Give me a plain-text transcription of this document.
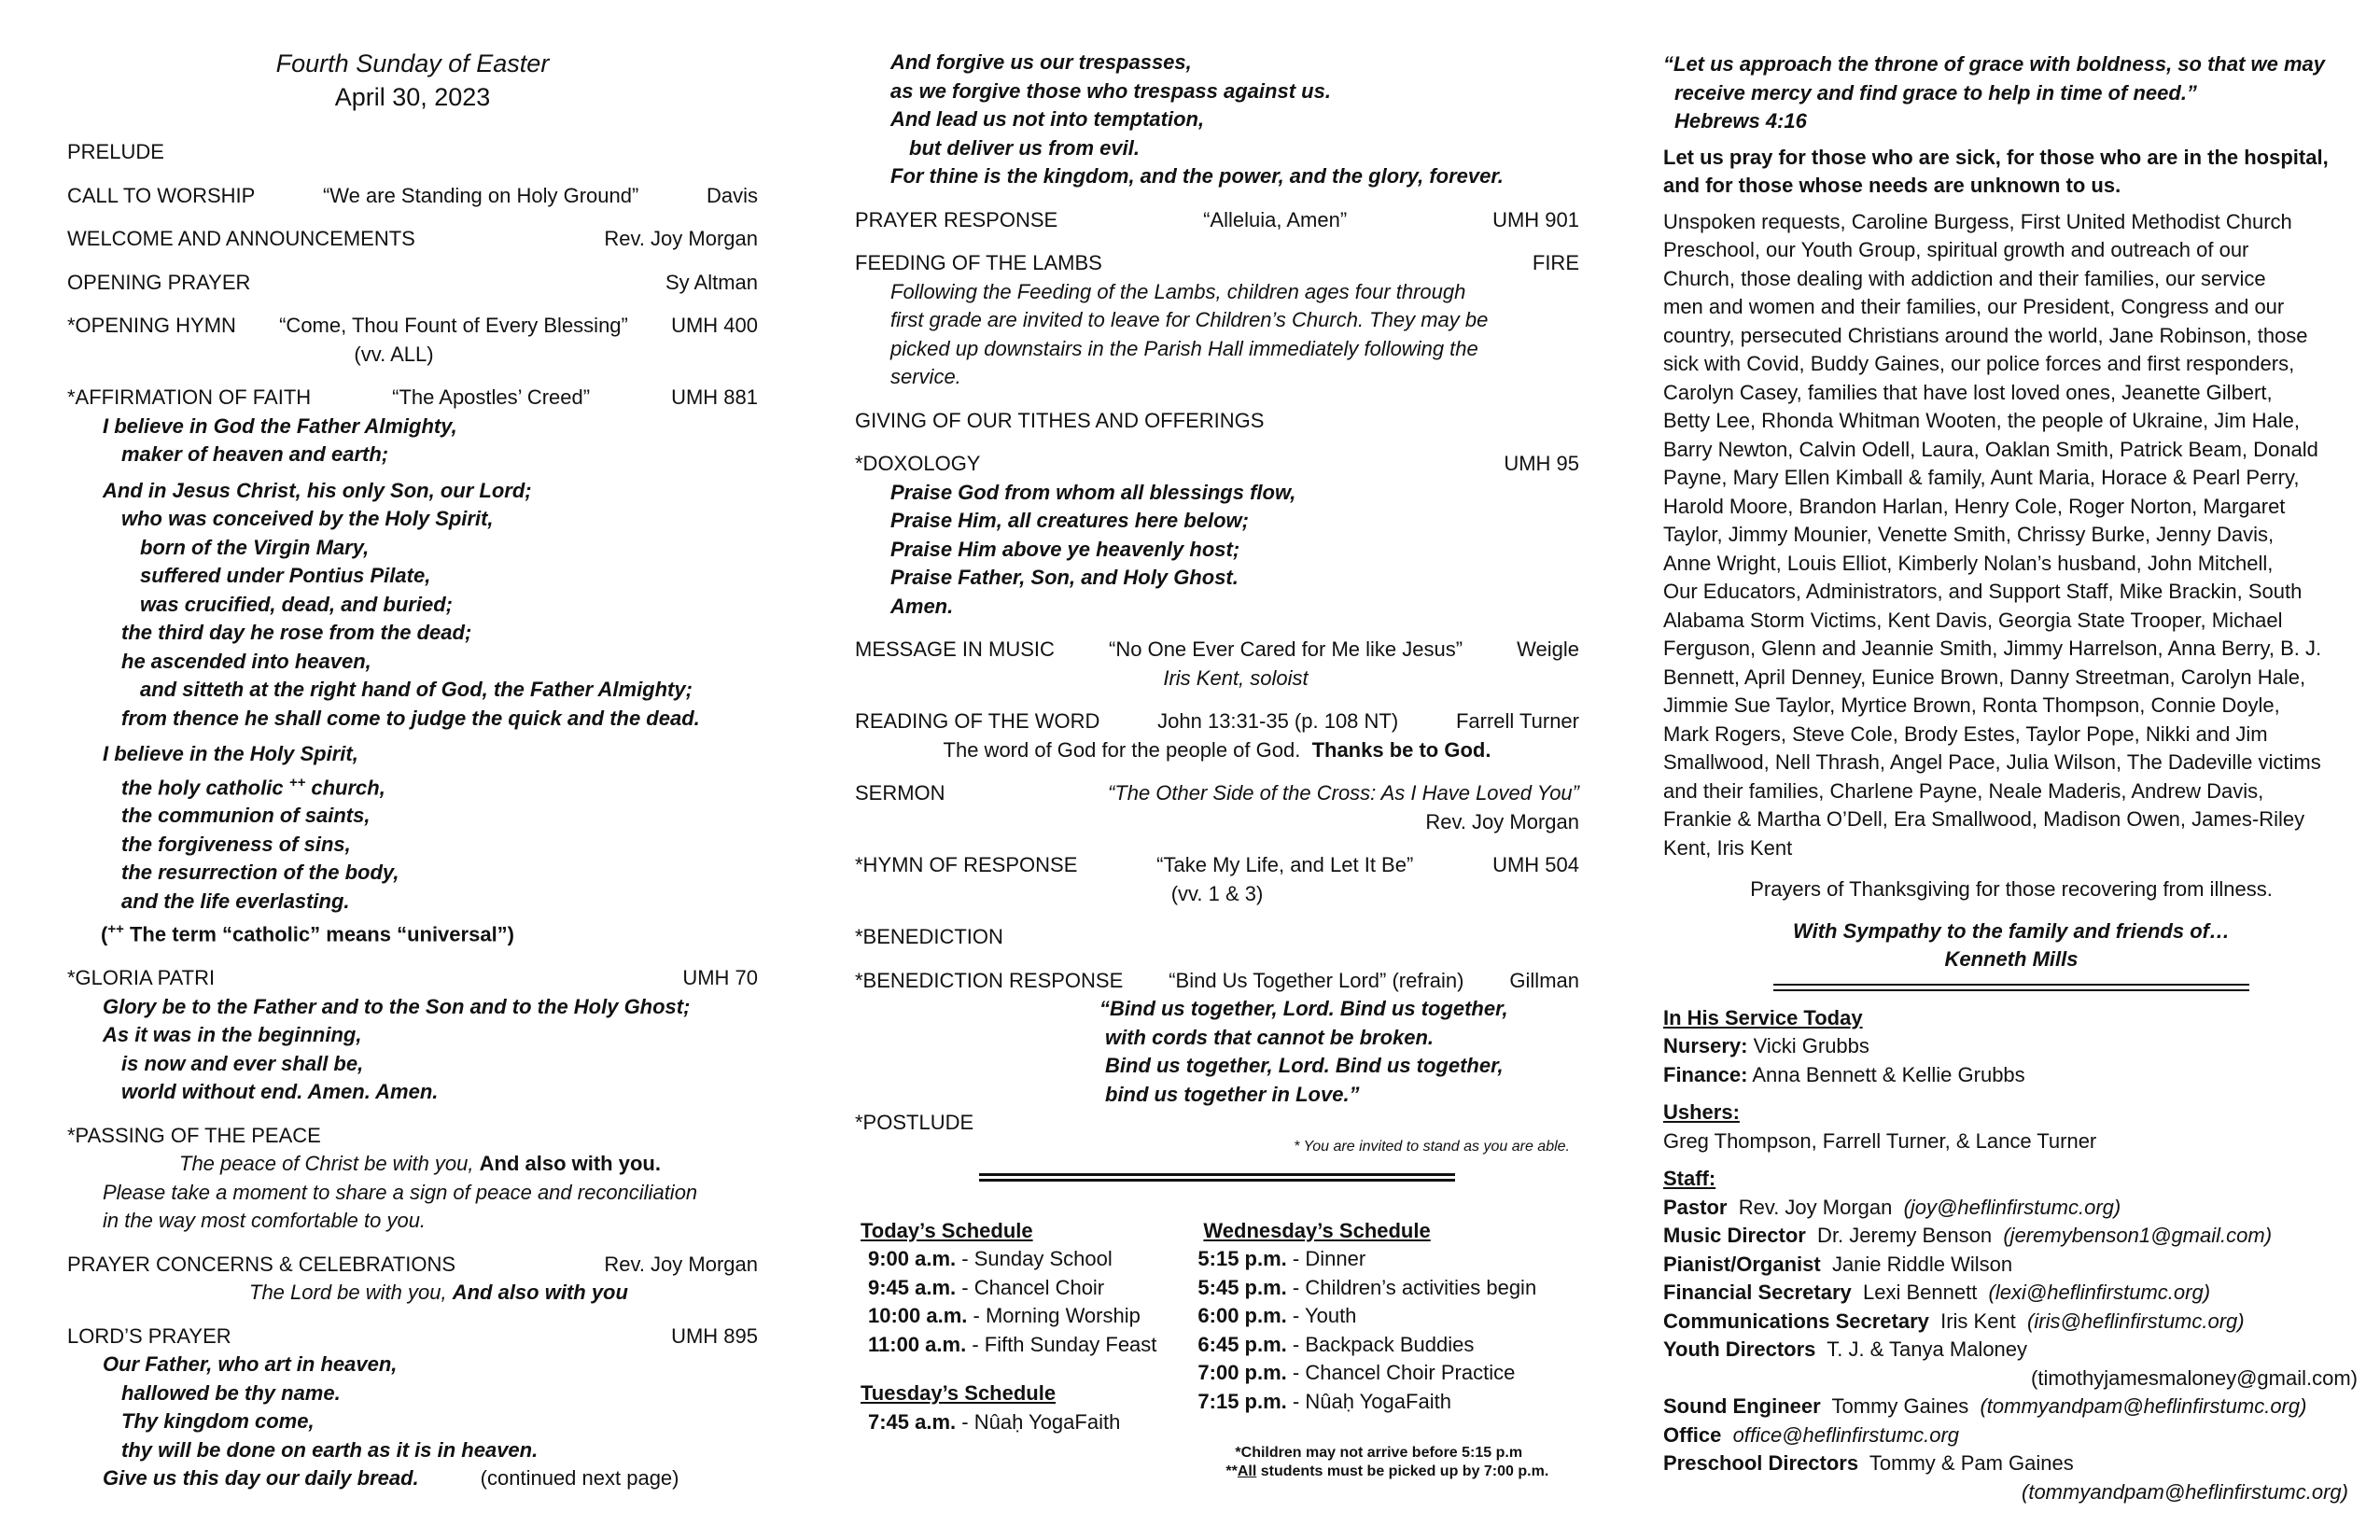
Fourth Sunday of Easter
April 30, 2023
PRELUDE
CALL TO WORSHIP	“We are Standing on Holy Ground”	Davis
WELCOME AND ANNOUNCEMENTS	Rev. Joy Morgan
OPENING PRAYER	Sy Altman
*OPENING HYMN	“Come, Thou Fount of Every Blessing”	UMH 400
(vv. ALL)
*AFFIRMATION OF FAITH	“The Apostles’ Creed”	UMH 881
I believe in God the Father Almighty,
maker of heaven and earth;
And in Jesus Christ, his only Son, our Lord;
who was conceived by the Holy Spirit,
born of the Virgin Mary,
suffered under Pontius Pilate,
was crucified, dead, and buried;
the third day he rose from the dead;
he ascended into heaven,
and sitteth at the right hand of God, the Father Almighty;
from thence he shall come to judge the quick and the dead.
I believe in the Holy Spirit,
the holy catholic ++ church,
the communion of saints,
the forgiveness of sins,
the resurrection of the body,
and the life everlasting.
(++ The term “catholic” means “universal”)
*GLORIA PATRI	UMH 70
Glory be to the Father and to the Son and to the Holy Ghost;
As it was in the beginning,
is now and ever shall be,
world without end. Amen. Amen.
*PASSING OF THE PEACE
The peace of Christ be with you, And also with you.
Please take a moment to share a sign of peace and reconciliation
in the way most comfortable to you.
PRAYER CONCERNS & CELEBRATIONS	Rev. Joy Morgan
The Lord be with you, And also with you
LORD’S PRAYER	UMH 895
Our Father, who art in heaven,
hallowed be thy name.
Thy kingdom come,
thy will be done on earth as it is in heaven.
Give us this day our daily bread.	(continued next page)
And forgive us our trespasses,
as we forgive those who trespass against us.
And lead us not into temptation,
but deliver us from evil.
For thine is the kingdom, and the power, and the glory, forever.
PRAYER RESPONSE	“Alleluia, Amen”	UMH 901
FEEDING OF THE LAMBS	FIRE
Following the Feeding of the Lambs, children ages four through
first grade are invited to leave for Children’s Church. They may be
picked up downstairs in the Parish Hall immediately following the
service.
GIVING OF OUR TITHES AND OFFERINGS
*DOXOLOGY	UMH 95
Praise God from whom all blessings flow,
Praise Him, all creatures here below;
Praise Him above ye heavenly host;
Praise Father, Son, and Holy Ghost.
Amen.
MESSAGE IN MUSIC	“No One Ever Cared for Me like Jesus”	Weigle
Iris Kent, soloist
READING OF THE WORD	John 13:31-35 (p. 108 NT)	Farrell Turner
The word of God for the people of God. Thanks be to God.
SERMON	“The Other Side of the Cross: As I Have Loved You”
Rev. Joy Morgan
*HYMN OF RESPONSE	“Take My Life, and Let It Be”	UMH 504
(vv. 1 & 3)
*BENEDICTION
*BENEDICTION RESPONSE	“Bind Us Together Lord” (refrain)	Gillman
“Bind us together, Lord. Bind us together,
with cords that cannot be broken.
Bind us together, Lord. Bind us together,
bind us together in Love.”
*POSTLUDE
* You are invited to stand as you are able.
Today’s Schedule
9:00 a.m. - Sunday School
9:45 a.m. - Chancel Choir
10:00 a.m. - Morning Worship
11:00 a.m. - Fifth Sunday Feast
Tuesday’s Schedule
7:45 a.m. - Nûaḥ YogaFaith
Wednesday’s Schedule
5:15 p.m. - Dinner
5:45 p.m. - Children’s activities begin
6:00 p.m. - Youth
6:45 p.m. - Backpack Buddies
7:00 p.m. - Chancel Choir Practice
7:15 p.m. - Nûaḥ YogaFaith
*Children may not arrive before 5:15 p.m
**All students must be picked up by 7:00 p.m.
“Let us approach the throne of grace with boldness, so that we may
receive mercy and find grace to help in time of need.”
Hebrews 4:16
Let us pray for those who are sick, for those who are in the hospital,
and for those whose needs are unknown to us.
Unspoken requests, Caroline Burgess, First United Methodist Church
Preschool, our Youth Group, spiritual growth and outreach of our
Church, those dealing with addiction and their families, our service
men and women and their families, our President, Congress and our
country, persecuted Christians around the world, Jane Robinson, those
sick with Covid, Buddy Gaines, our police forces and first responders,
Carolyn Casey, families that have lost loved ones, Jeanette Gilbert,
Betty Lee, Rhonda Whitman Wooten, the people of Ukraine, Jim Hale,
Barry Newton, Calvin Odell, Laura, Oaklan Smith, Patrick Beam, Donald
Payne, Mary Ellen Kimball & family, Aunt Maria, Horace & Pearl Perry,
Harold Moore, Brandon Harlan, Henry Cole, Roger Norton, Margaret
Taylor, Jimmy Mounier, Venette Smith, Chrissy Burke, Jenny Davis,
Anne Wright, Louis Elliot, Kimberly Nolan’s husband, John Mitchell,
Our Educators, Administrators, and Support Staff, Mike Brackin, South
Alabama Storm Victims, Kent Davis, Georgia State Trooper, Michael
Ferguson, Glenn and Jeannie Smith, Jimmy Harrelson, Anna Berry, B. J.
Bennett, April Denney, Eunice Brown, Danny Streetman, Carolyn Hale,
Jimmie Sue Taylor, Myrtice Brown, Ronta Thompson, Connie Doyle,
Mark Rogers, Steve Cole, Brody Estes, Taylor Pope, Nikki and Jim
Smallwood, Nell Thrash, Angel Pace, Julia Wilson, The Dadeville victims
and their families, Charlene Payne, Neale Maderis, Andrew Davis,
Frankie & Martha O’Dell, Era Smallwood, Madison Owen, James-Riley
Kent, Iris Kent
Prayers of Thanksgiving for those recovering from illness.
With Sympathy to the family and friends of…
Kenneth Mills
In His Service Today
Nursery: Vicki Grubbs
Finance: Anna Bennett & Kellie Grubbs
Ushers:
Greg Thompson, Farrell Turner, & Lance Turner
Staff:
Pastor  Rev. Joy Morgan  (joy@heflinfirstumc.org)
Music Director  Dr. Jeremy Benson  (jeremybenson1@gmail.com)
Pianist/Organist  Janie Riddle Wilson
Financial Secretary  Lexi Bennett  (lexi@heflinfirstumc.org)
Communications Secretary  Iris Kent  (iris@heflinfirstumc.org)
Youth Directors  T. J. & Tanya Maloney
(timothyjamesmaloney@gmail.com)
Sound Engineer  Tommy Gaines  (tommyandpam@heflinfirstumc.org)
Office office@heflinfirstumc.org
Preschool Directors  Tommy & Pam Gaines
(tommyandpam@heflinfirstumc.org)
